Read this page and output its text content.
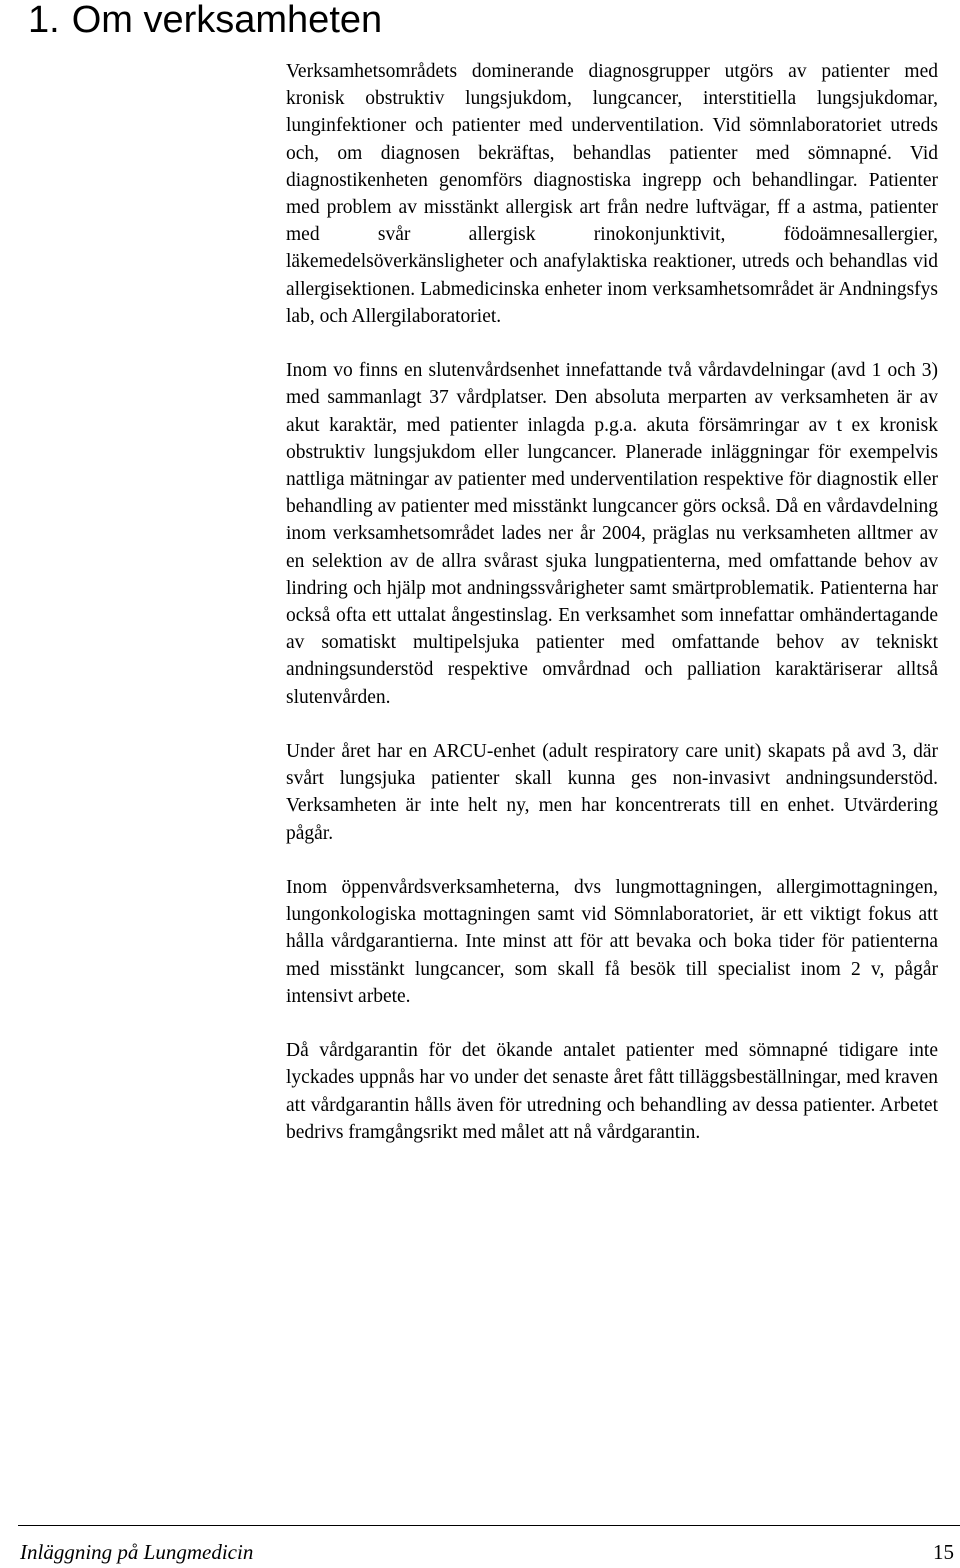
1. Om verksamheten

Verksamhetsområdets dominerande diagnosgrupper utgörs av patienter med kronisk obstruktiv lungsjukdom, lungcancer, interstitiella lungsjukdomar, lunginfektioner och patienter med underventilation. Vid sömnlaboratoriet utreds och, om diagnosen bekräftas, behandlas patienter med sömnapné. Vid diagnostikenheten genomförs diagnostiska ingrepp och behandlingar. Patienter med problem av misstänkt allergisk art från nedre luftvägar, ff a astma, patienter med svår allergisk rinokonjunktivit, födoämnesallergier, läkemedelsöverkänsligheter och anafylaktiska reaktioner, utreds och behandlas vid allergisektionen. Labmedicinska enheter inom verksamhetsområdet är Andningsfys lab, och Allergilaboratoriet.

Inom vo finns en slutenvårdsenhet innefattande två vårdavdelningar (avd 1 och 3) med sammanlagt 37 vårdplatser. Den absoluta merparten av verksamheten är av akut karaktär, med patienter inlagda p.g.a. akuta försämringar av t ex kronisk obstruktiv lungsjukdom eller lungcancer. Planerade inläggningar för exempelvis nattliga mätningar av patienter med underventilation respektive för diagnostik eller behandling av patienter med misstänkt lungcancer görs också. Då en vårdavdelning inom verksamhetsområdet lades ner år 2004, präglas nu verksamheten alltmer av en selektion av de allra svårast sjuka lungpatienterna, med omfattande behov av lindring och hjälp mot andningssvårigheter samt smärtproblematik. Patienterna har också ofta ett uttalat ångestinslag. En verksamhet som innefattar omhändertagande av somatiskt multipelsjuka patienter med omfattande behov av tekniskt andningsunderstöd respektive omvårdnad och palliation karaktäriserar alltså slutenvården.

Under året har en ARCU-enhet (adult respiratory care unit) skapats på avd 3, där svårt lungsjuka patienter skall kunna ges non-invasivt andningsunderstöd. Verksamheten är inte helt ny, men har koncentrerats till en enhet. Utvärdering pågår.

Inom öppenvårdsverksamheterna, dvs lungmottagningen, allergimottagningen, lungonkologiska mottagningen samt vid Sömnlaboratoriet, är ett viktigt fokus att hålla vårdgarantierna. Inte minst att för att bevaka och boka tider för patienterna med misstänkt lungcancer, som skall få besök till specialist inom 2 v, pågår intensivt arbete.

Då vårdgarantin för det ökande antalet patienter med sömnapné tidigare inte lyckades uppnås har vo under det senaste året fått tilläggsbeställningar, med kraven att vårdgarantin hålls även för utredning och behandling av dessa patienter. Arbetet bedrivs framgångsrikt med målet att nå vårdgarantin.

Inläggning på Lungmedicin	15
